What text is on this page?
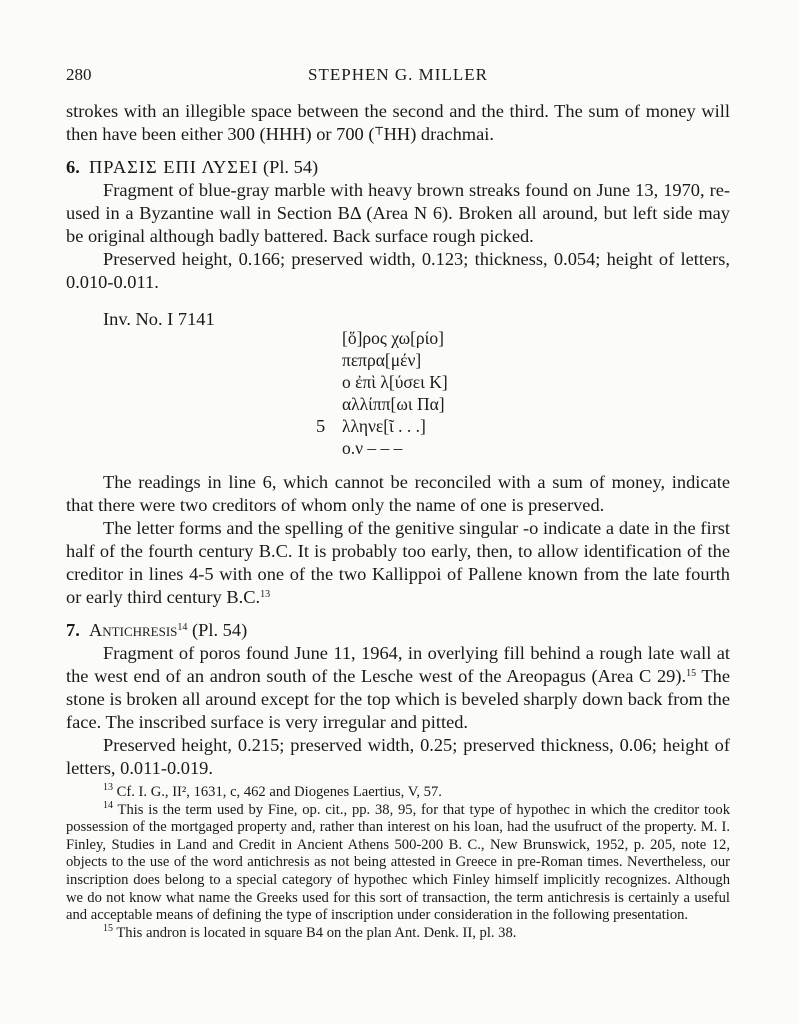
280	STEPHEN G. MILLER

strokes with an illegible space between the second and the third. The sum of money will then have been either 300 (HHH) or 700 (⸆HH) drachmai.

6. ΠΡΑΣΙΣ ΕΠΙ ΛΥΣΕΙ (Pl. 54)

Fragment of blue-gray marble with heavy brown streaks found on June 13, 1970, re-used in a Byzantine wall in Section ΒΔ (Area N 6). Broken all around, but left side may be original although badly battered. Back surface rough picked.

Preserved height, 0.166; preserved width, 0.123; thickness, 0.054; height of letters, 0.010-0.011.

Inv. No. I 7141

[ὅ]ρος χω[ρίο]
πεπρα[μέν]
ο ἐπὶ λ[ύσει Κ]
αλλίππ[ωι Πα]
5 λληνε[ῖ . . .]
ο.ν – – –

The readings in line 6, which cannot be reconciled with a sum of money, indicate that there were two creditors of whom only the name of one is preserved.

The letter forms and the spelling of the genitive singular -o indicate a date in the first half of the fourth century B.C. It is probably too early, then, to allow identification of the creditor in lines 4-5 with one of the two Kallippoi of Pallene known from the late fourth or early third century B.C.$^{13}$

7. Antichresis$^{14}$ (Pl. 54)

Fragment of poros found June 11, 1964, in overlying fill behind a rough late wall at the west end of an andron south of the Lesche west of the Areopagus (Area C 29).$^{15}$ The stone is broken all around except for the top which is beveled sharply down back from the face. The inscribed surface is very irregular and pitted.

Preserved height, 0.215; preserved width, 0.25; preserved thickness, 0.06; height of letters, 0.011-0.019.

$^{13}$ Cf. I. G., II², 1631, c, 462 and Diogenes Laertius, V, 57.

$^{14}$ This is the term used by Fine, op. cit., pp. 38, 95, for that type of hypothec in which the creditor took possession of the mortgaged property and, rather than interest on his loan, had the usufruct of the property. M. I. Finley, Studies in Land and Credit in Ancient Athens 500-200 B. C., New Brunswick, 1952, p. 205, note 12, objects to the use of the word antichresis as not being attested in Greece in pre-Roman times. Nevertheless, our inscription does belong to a special category of hypothec which Finley himself implicitly recognizes. Although we do not know what name the Greeks used for this sort of transaction, the term antichresis is certainly a useful and acceptable means of defining the type of inscription under consideration in the following presentation.

$^{15}$ This andron is located in square B4 on the plan Ant. Denk. II, pl. 38.
